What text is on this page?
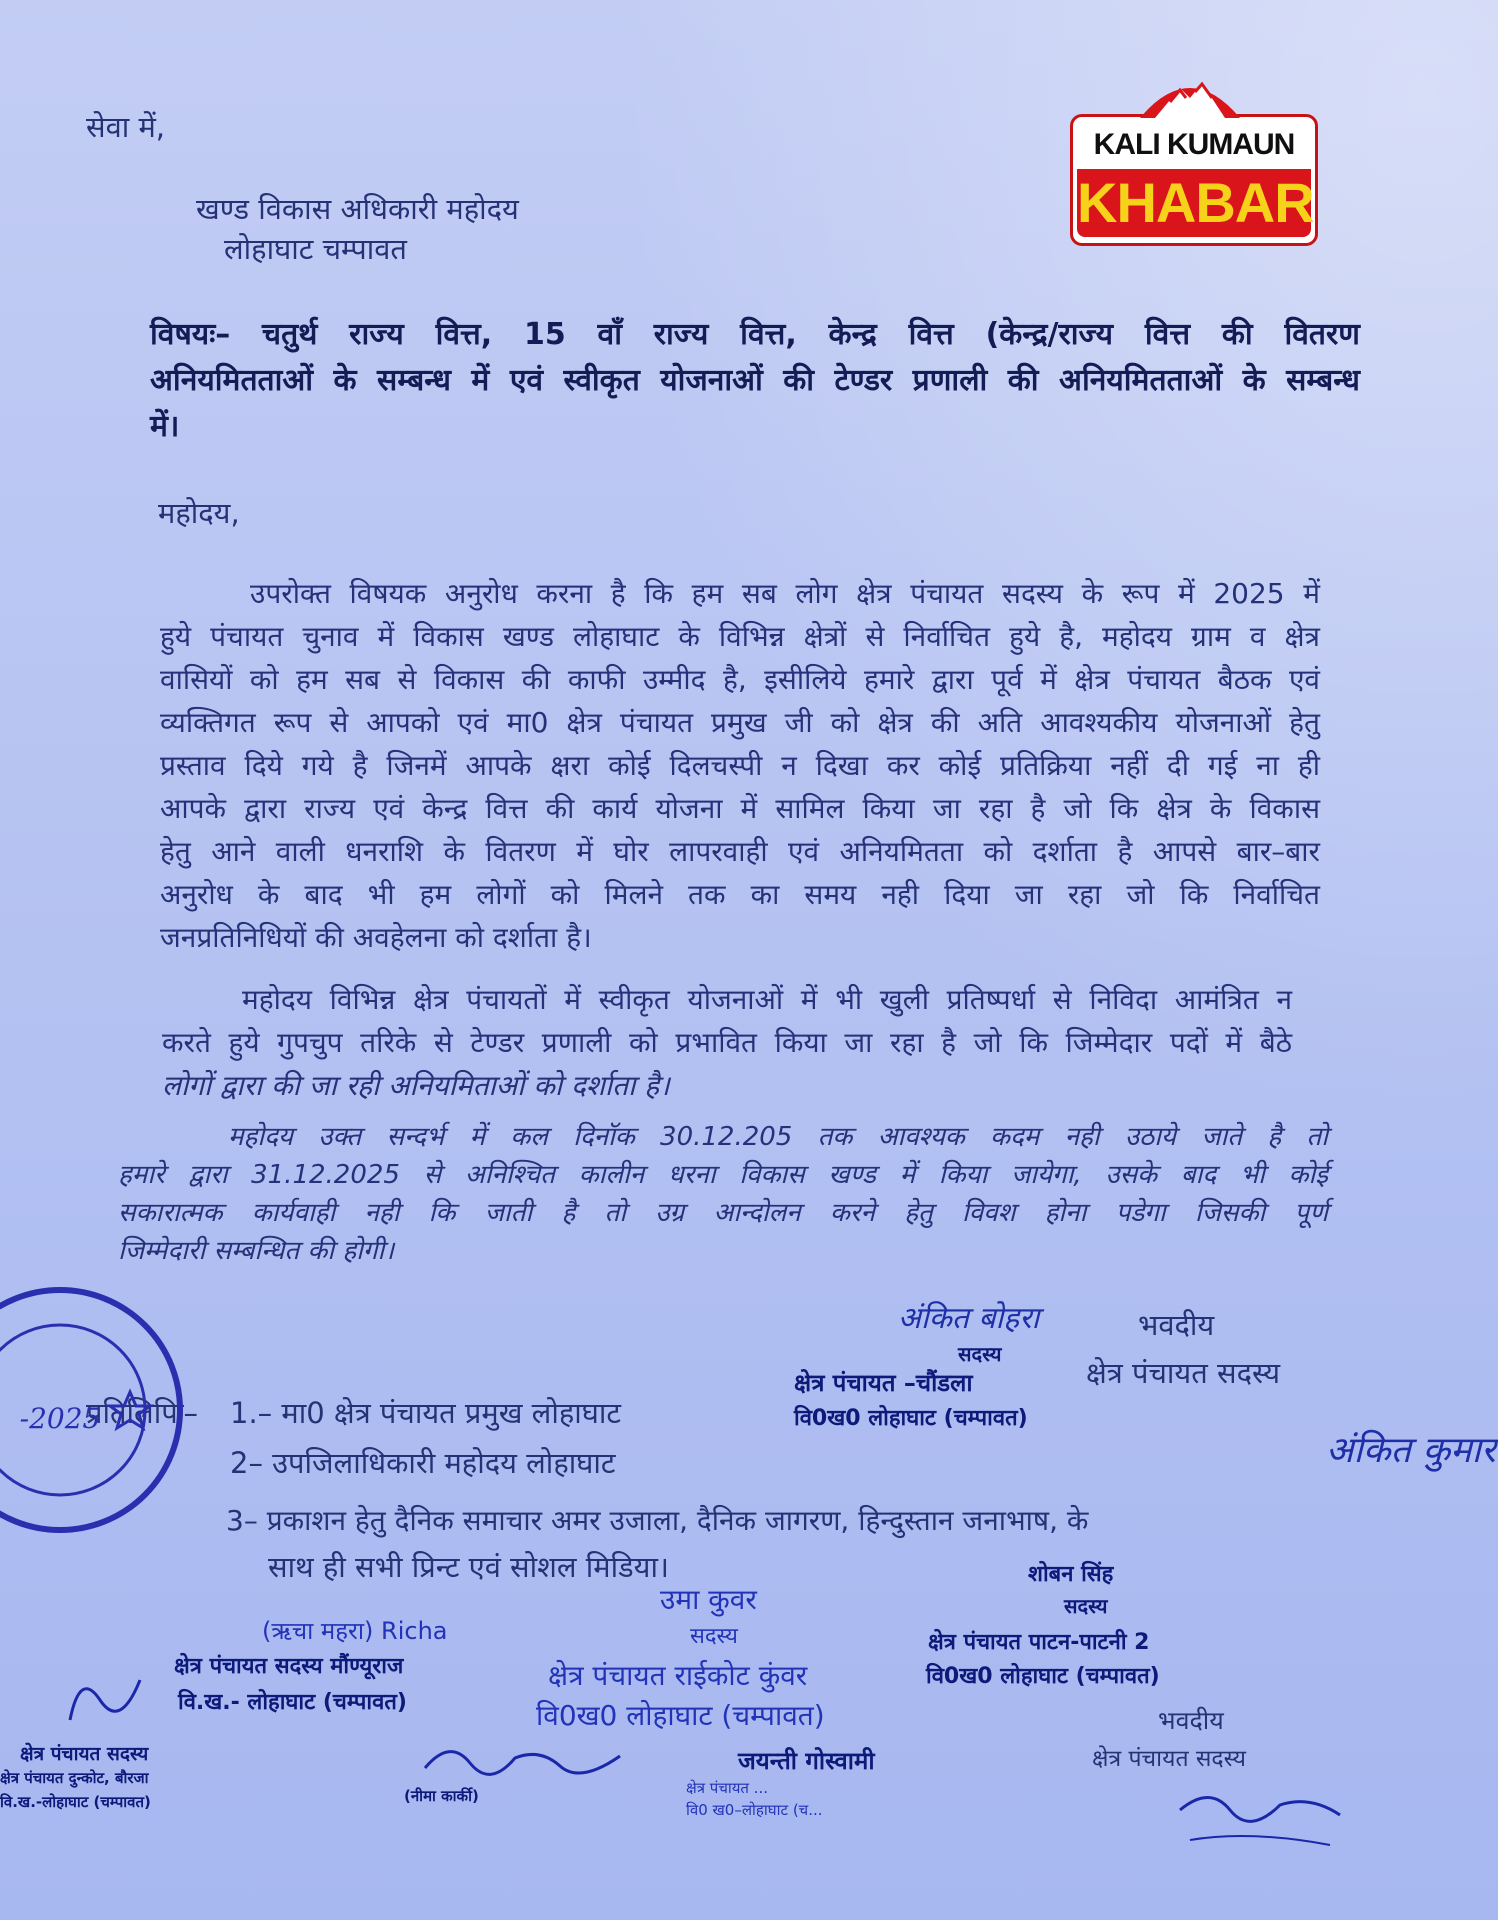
KALI KUMAUN
KHABAR
सेवा में,
खण्ड विकास अधिकारी महोदय
लोहाघाट चम्पावत
विषयः– चतुर्थ राज्य वित्त, 15 वॉं राज्य वित्त, केन्द्र वित्त (केन्द्र/राज्य वित्त की वितरण
अनियमितताओं के सम्बन्ध में एवं स्वीकृत योजनाओं की टेण्डर प्रणाली की अनियमितताओं के सम्बन्ध
में।
महोदय,
उपरोक्त विषयक अनुरोध करना है कि हम सब लोग क्षेत्र पंचायत सदस्य के रूप में 2025 में
हुये पंचायत चुनाव में विकास खण्ड लोहाघाट के विभिन्न क्षेत्रों से निर्वाचित हुये है, महोदय ग्राम व क्षेत्र
वासियों को हम सब से विकास की काफी उम्मीद है, इसीलिये हमारे द्वारा पूर्व में क्षेत्र पंचायत बैठक एवं
व्यक्तिगत रूप से आपको एवं मा0 क्षेत्र पंचायत प्रमुख जी को क्षेत्र की अति आवश्यकीय योजनाओं हेतु
प्रस्ताव दिये गये है जिनमें आपके क्षरा कोई दिलचस्पी न दिखा कर कोई प्रतिक्रिया नहीं दी गई ना ही
आपके द्वारा राज्य एवं केन्द्र वित्त की कार्य योजना में सामिल किया जा रहा है जो कि क्षेत्र के विकास
हेतु आने वाली धनराशि के वितरण में घोर लापरवाही एवं अनियमितता को दर्शाता है आपसे बार–बार
अनुरोध के बाद भी हम लोगों को मिलने तक का समय नही दिया जा रहा जो कि निर्वाचित
जनप्रतिनिधियों की अवहेलना को दर्शाता है।
महोदय विभिन्न क्षेत्र पंचायतों में स्वीकृत योजनाओं में भी खुली प्रतिष्पर्धा से निविदा आमंत्रित न
करते हुये गुपचुप तरिके से टेण्डर प्रणाली को प्रभावित किया जा रहा है जो कि जिम्मेदार पदों में बैठे
लोगों द्वारा की जा रही अनियमिताओं को दर्शाता है।
महोदय उक्त सन्दर्भ में कल दिनॉक 30.12.205 तक आवश्यक कदम नही उठाये जाते है तो
हमारे द्वारा 31.12.2025 से अनिश्चित कालीन धरना विकास खण्ड में किया जायेगा, उसके बाद भी कोई
सकारात्मक कार्यवाही नही कि जाती है तो उग्र आन्दोलन करने हेतु विवश होना पडेगा जिसकी पूर्ण
जिम्मेदारी सम्बन्धित की होगी।
भवदीय
क्षेत्र पंचायत सदस्य
प्रतिलिपिः– 1.– मा0 क्षेत्र पंचायत प्रमुख लोहाघाट
2– उपजिलाधिकारी महोदय लोहाघाट
3– प्रकाशन हेतु दैनिक समाचार अमर उजाला, दैनिक जागरण, हिन्दुस्तान जनाभाष, के
साथ ही सभी प्रिन्ट एवं सोशल मिडिया।
भवदीय
क्षेत्र पंचायत सदस्य
-2025
अंकित बोहरा
सदस्य
क्षेत्र पंचायत –चौंडला
वि0ख0 लोहाघाट (चम्पावत)
अंकित कुमार
शोबन सिंह
सदस्य
क्षेत्र पंचायत पाटन-पाटनी 2
वि0ख0 लोहाघाट (चम्पावत)
उमा कुवर
सदस्य
क्षेत्र पंचायत राईकोट कुंवर
वि0ख0 लोहाघाट (चम्पावत)
(ऋचा महरा) Richa
क्षेत्र पंचायत सदस्य मौंण्यूराज
वि.ख.- लोहाघाट (चम्पावत)
क्षेत्र पंचायत सदस्य
क्षेत्र पंचायत दुन्कोट, बौरजा
वि.ख.-लोहाघाट (चम्पावत)
जयन्ती गोस्वामी
क्षेत्र पंचायत ...
वि0 ख0–लोहाघाट (च...
(नीमा कार्की)
